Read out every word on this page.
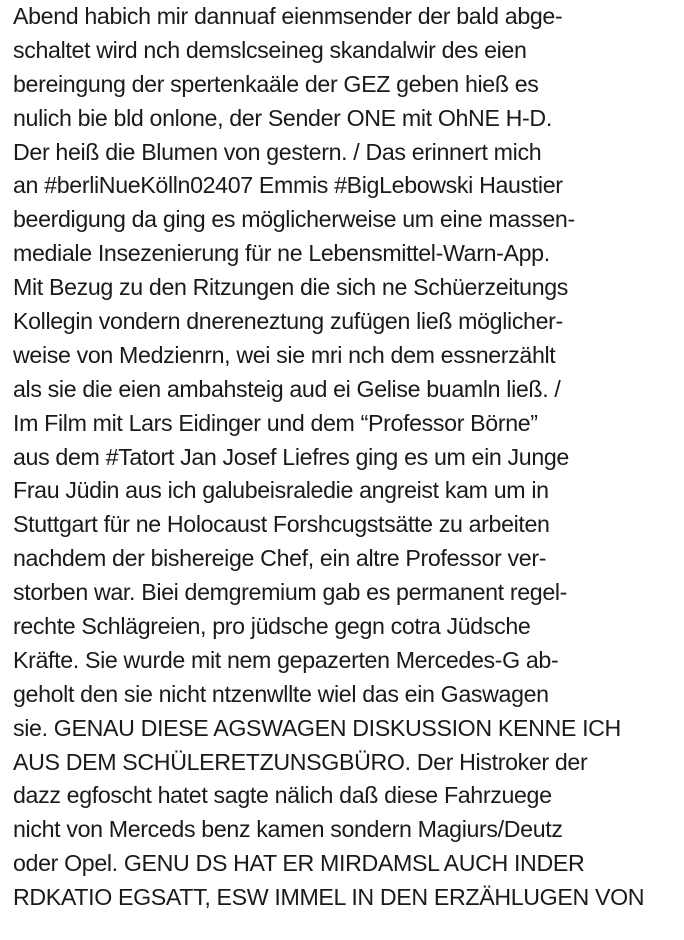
Abend habich mir dannuaf eienmsender der bald abge-
schaltet wird nch demslcseineg skandalwir des eien
bereingung der spertenkaäle der GEZ geben hieß es
nulich bie bld onlone, der Sender ONE mit OhNE H-D.
Der heiß die Blumen von gestern. / Das erinnert mich
an #berliNueKölln02407 Emmis #BigLebowski Haustier
beerdigung da ging es möglicherweise um eine massen-
mediale Insezenierung für ne Lebensmittel-Warn-App.
Mit Bezug zu den Ritzungen die sich ne Schüerzeitungs
Kollegin vondern dnereneztung zufügen ließ möglicher-
weise von Medzienrn, wei sie mri nch dem essnerzählt
als sie die eien ambahsteig aud ei Gelise buamln ließ. /
Im Film mit Lars Eidinger und dem “Professor Börne”
aus dem #Tatort Jan Josef Liefres ging es um ein Junge
Frau Jüdin aus ich galubeisraledie angreist kam um in
Stuttgart für ne Holocaust Forshcugstsätte zu arbeiten
nachdem der bishereige Chef, ein altre Professor ver-
storben war. Biei demgremium gab es permanent regel-
rechte Schlägreien, pro jüdsche gegn cotra Jüdsche
Kräfte. Sie wurde mit nem gepazerten Mercedes-G ab-
geholt den sie nicht ntzenwllte wiel das ein Gaswagen
sie. GENAU DIESE AGSWAGEN DISKUSSION KENNE ICH
AUS DEM SCHÜLERETZUNSGBÜRO. Der Histroker der
dazz egfoscht hatet sagte nälich daß diese Fahrzuege
nicht von Merceds benz kamen sondern Magiurs/Deutz
oder Opel. GENU DS HAT ER MIRDAMSL AUCH INDER
RDKATIO EGSATT, ESW IMMEL IN DEN ERZÄHLUGEN VON
